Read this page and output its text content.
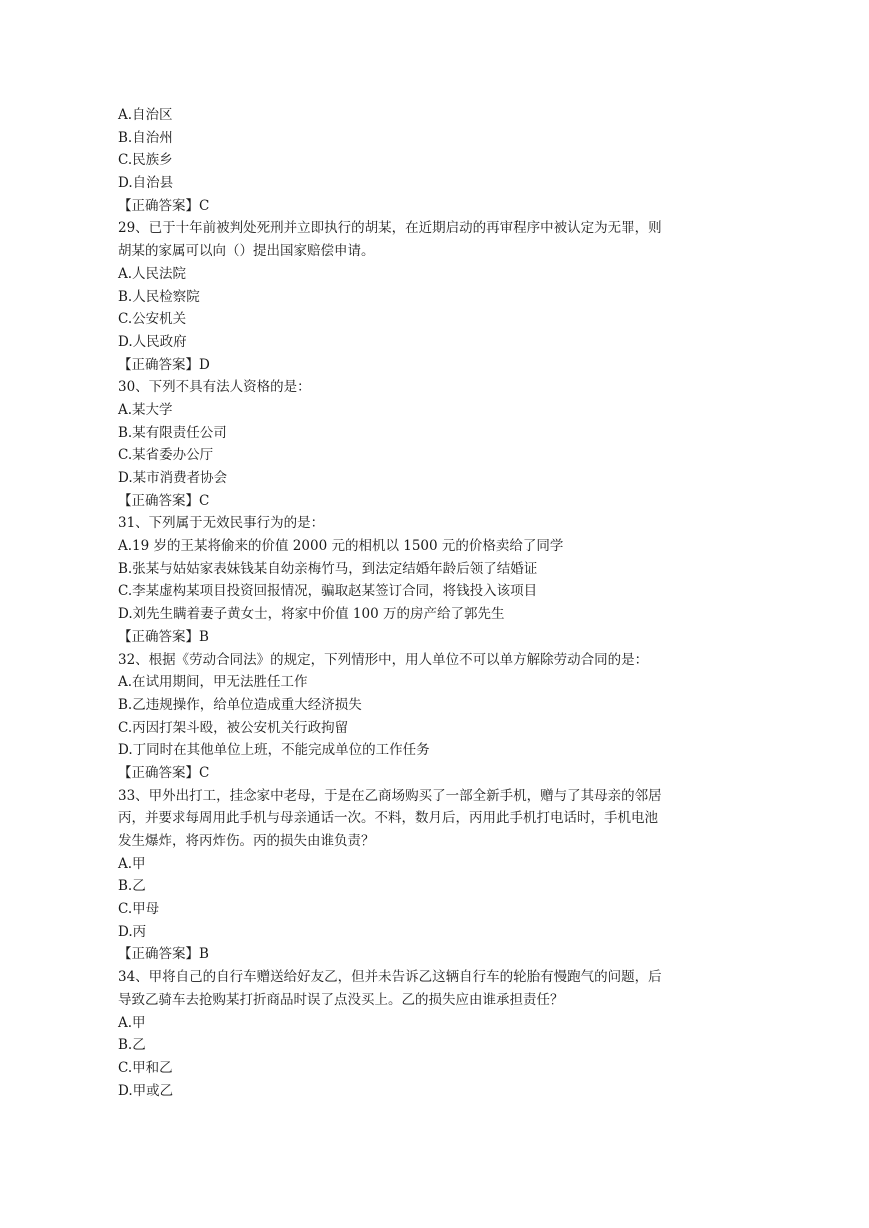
A.自治区
B.自治州
C.民族乡
D.自治县
【正确答案】C
29、已于十年前被判处死刑并立即执行的胡某，在近期启动的再审程序中被认定为无罪，则
胡某的家属可以向（）提出国家赔偿申请。
A.人民法院
B.人民检察院
C.公安机关
D.人民政府
【正确答案】D
30、下列不具有法人资格的是：
A.某大学
B.某有限责任公司
C.某省委办公厅
D.某市消费者协会
【正确答案】C
31、下列属于无效民事行为的是：
A.19 岁的王某将偷来的价值 2000 元的相机以 1500 元的价格卖给了同学
B.张某与姑姑家表妹钱某自幼亲梅竹马，到法定结婚年龄后领了结婚证
C.李某虚构某项目投资回报情况，骗取赵某签订合同，将钱投入该项目
D.刘先生瞒着妻子黄女士，将家中价值 100 万的房产给了郭先生
【正确答案】B
32、根据《劳动合同法》的规定，下列情形中，用人单位不可以单方解除劳动合同的是：
A.在试用期间，甲无法胜任工作
B.乙违规操作，给单位造成重大经济损失
C.丙因打架斗殴，被公安机关行政拘留
D.丁同时在其他单位上班，不能完成单位的工作任务
【正确答案】C
33、甲外出打工，挂念家中老母，于是在乙商场购买了一部全新手机，赠与了其母亲的邻居
丙，并要求每周用此手机与母亲通话一次。不料，数月后，丙用此手机打电话时，手机电池
发生爆炸，将丙炸伤。丙的损失由谁负责？
A.甲
B.乙
C.甲母
D.丙
【正确答案】B
34、甲将自己的自行车赠送给好友乙，但并未告诉乙这辆自行车的轮胎有慢跑气的问题，后
导致乙骑车去抢购某打折商品时误了点没买上。乙的损失应由谁承担责任？
A.甲
B.乙
C.甲和乙
D.甲或乙
